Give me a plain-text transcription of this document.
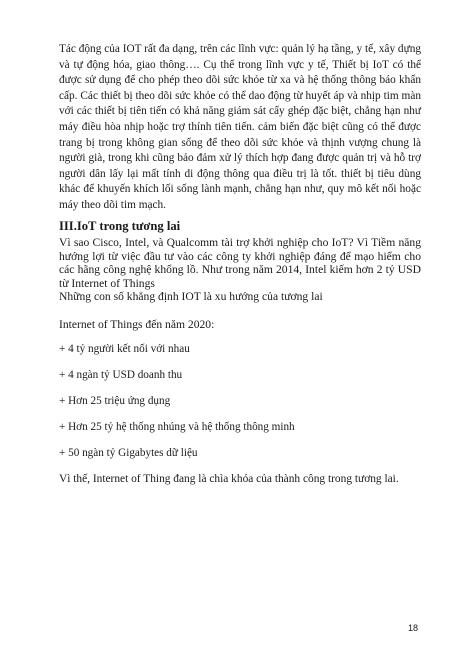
Tác động của IOT rất đa dạng, trên các lĩnh vực: quản lý hạ tầng, y tế, xây dựng và tự động hóa, giao thông…. Cụ thể trong lĩnh vực y tế, Thiết bị IoT có thể được sử dụng để cho phép theo dõi sức khỏe từ xa và hệ thống thông báo khẩn cấp. Các thiết bị theo dõi sức khỏe có thể dao động từ huyết áp và nhịp tim màn với các thiết bị tiên tiến có khả năng giám sát cấy ghép đặc biệt, chẳng hạn như máy điều hòa nhịp hoặc trợ thính tiên tiến. cảm biến đặc biệt cũng có thể được trang bị trong không gian sống để theo dõi sức khỏe và thịnh vượng chung là người già, trong khi cũng bảo đảm xử lý thích hợp đang được quản trị và hỗ trợ người dân lấy lại mất tính di động thông qua điều trị là tốt. thiết bị tiêu dùng khác để khuyến khích lối sống lành mạnh, chẳng hạn như, quy mô kết nối hoặc máy theo dõi tim mạch.
III.IoT trong tương lai
Vì sao Cisco, Intel, và Qualcomm tài trợ khởi nghiệp cho IoT? Vì Tiềm năng hướng lợi từ việc đầu tư vào các công ty khởi nghiệp đáng để mạo hiểm cho các hãng công nghệ khổng lồ. Như trong năm 2014, Intel kiếm hơn 2 tỷ USD từ Internet of Things
Những con số khẳng định IOT là xu hướng của tương lai
Internet of Things đến năm 2020:
+ 4 tỷ người kết nối với nhau
+ 4 ngàn tỷ USD doanh thu
+ Hơn 25 triệu ứng dụng
+ Hơn 25 tỷ hệ thống nhúng và hệ thống thông minh
+ 50 ngàn tỷ Gigabytes dữ liệu
Vì thế, Internet of Thing đang là chìa khóa của thành công trong tương lai.
18
